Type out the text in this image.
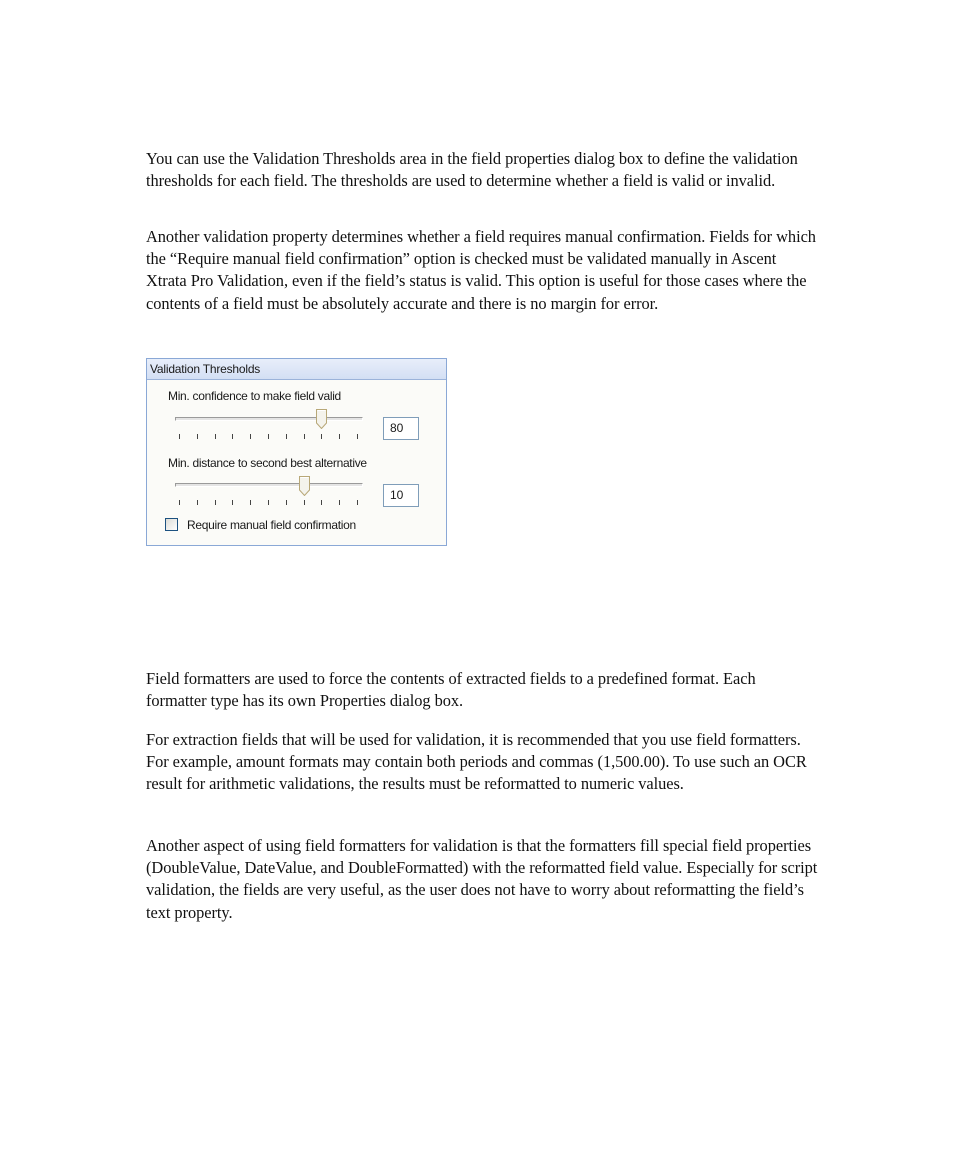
You can use the Validation Thresholds area in the field properties dialog box to define the validation thresholds for each field. The thresholds are used to determine whether a field is valid or invalid.

Another validation property determines whether a field requires manual confirmation. Fields for which the “Require manual field confirmation” option is checked must be validated manually in Ascent Xtrata Pro Validation, even if the field’s status is valid. This option is useful for those cases where the contents of a field must be absolutely accurate and there is no margin for error.

Validation Thresholds
Min. confidence to make field valid
80
Min. distance to second best alternative
10
Require manual field confirmation

Field formatters are used to force the contents of extracted fields to a predefined format. Each formatter type has its own Properties dialog box.

For extraction fields that will be used for validation, it is recommended that you use field formatters. For example, amount formats may contain both periods and commas (1,500.00). To use such an OCR result for arithmetic validations, the results must be reformatted to numeric values.

Another aspect of using field formatters for validation is that the formatters fill special field properties (DoubleValue, DateValue, and DoubleFormatted) with the reformatted field value. Especially for script validation, the fields are very useful, as the user does not have to worry about reformatting the field’s text property.
